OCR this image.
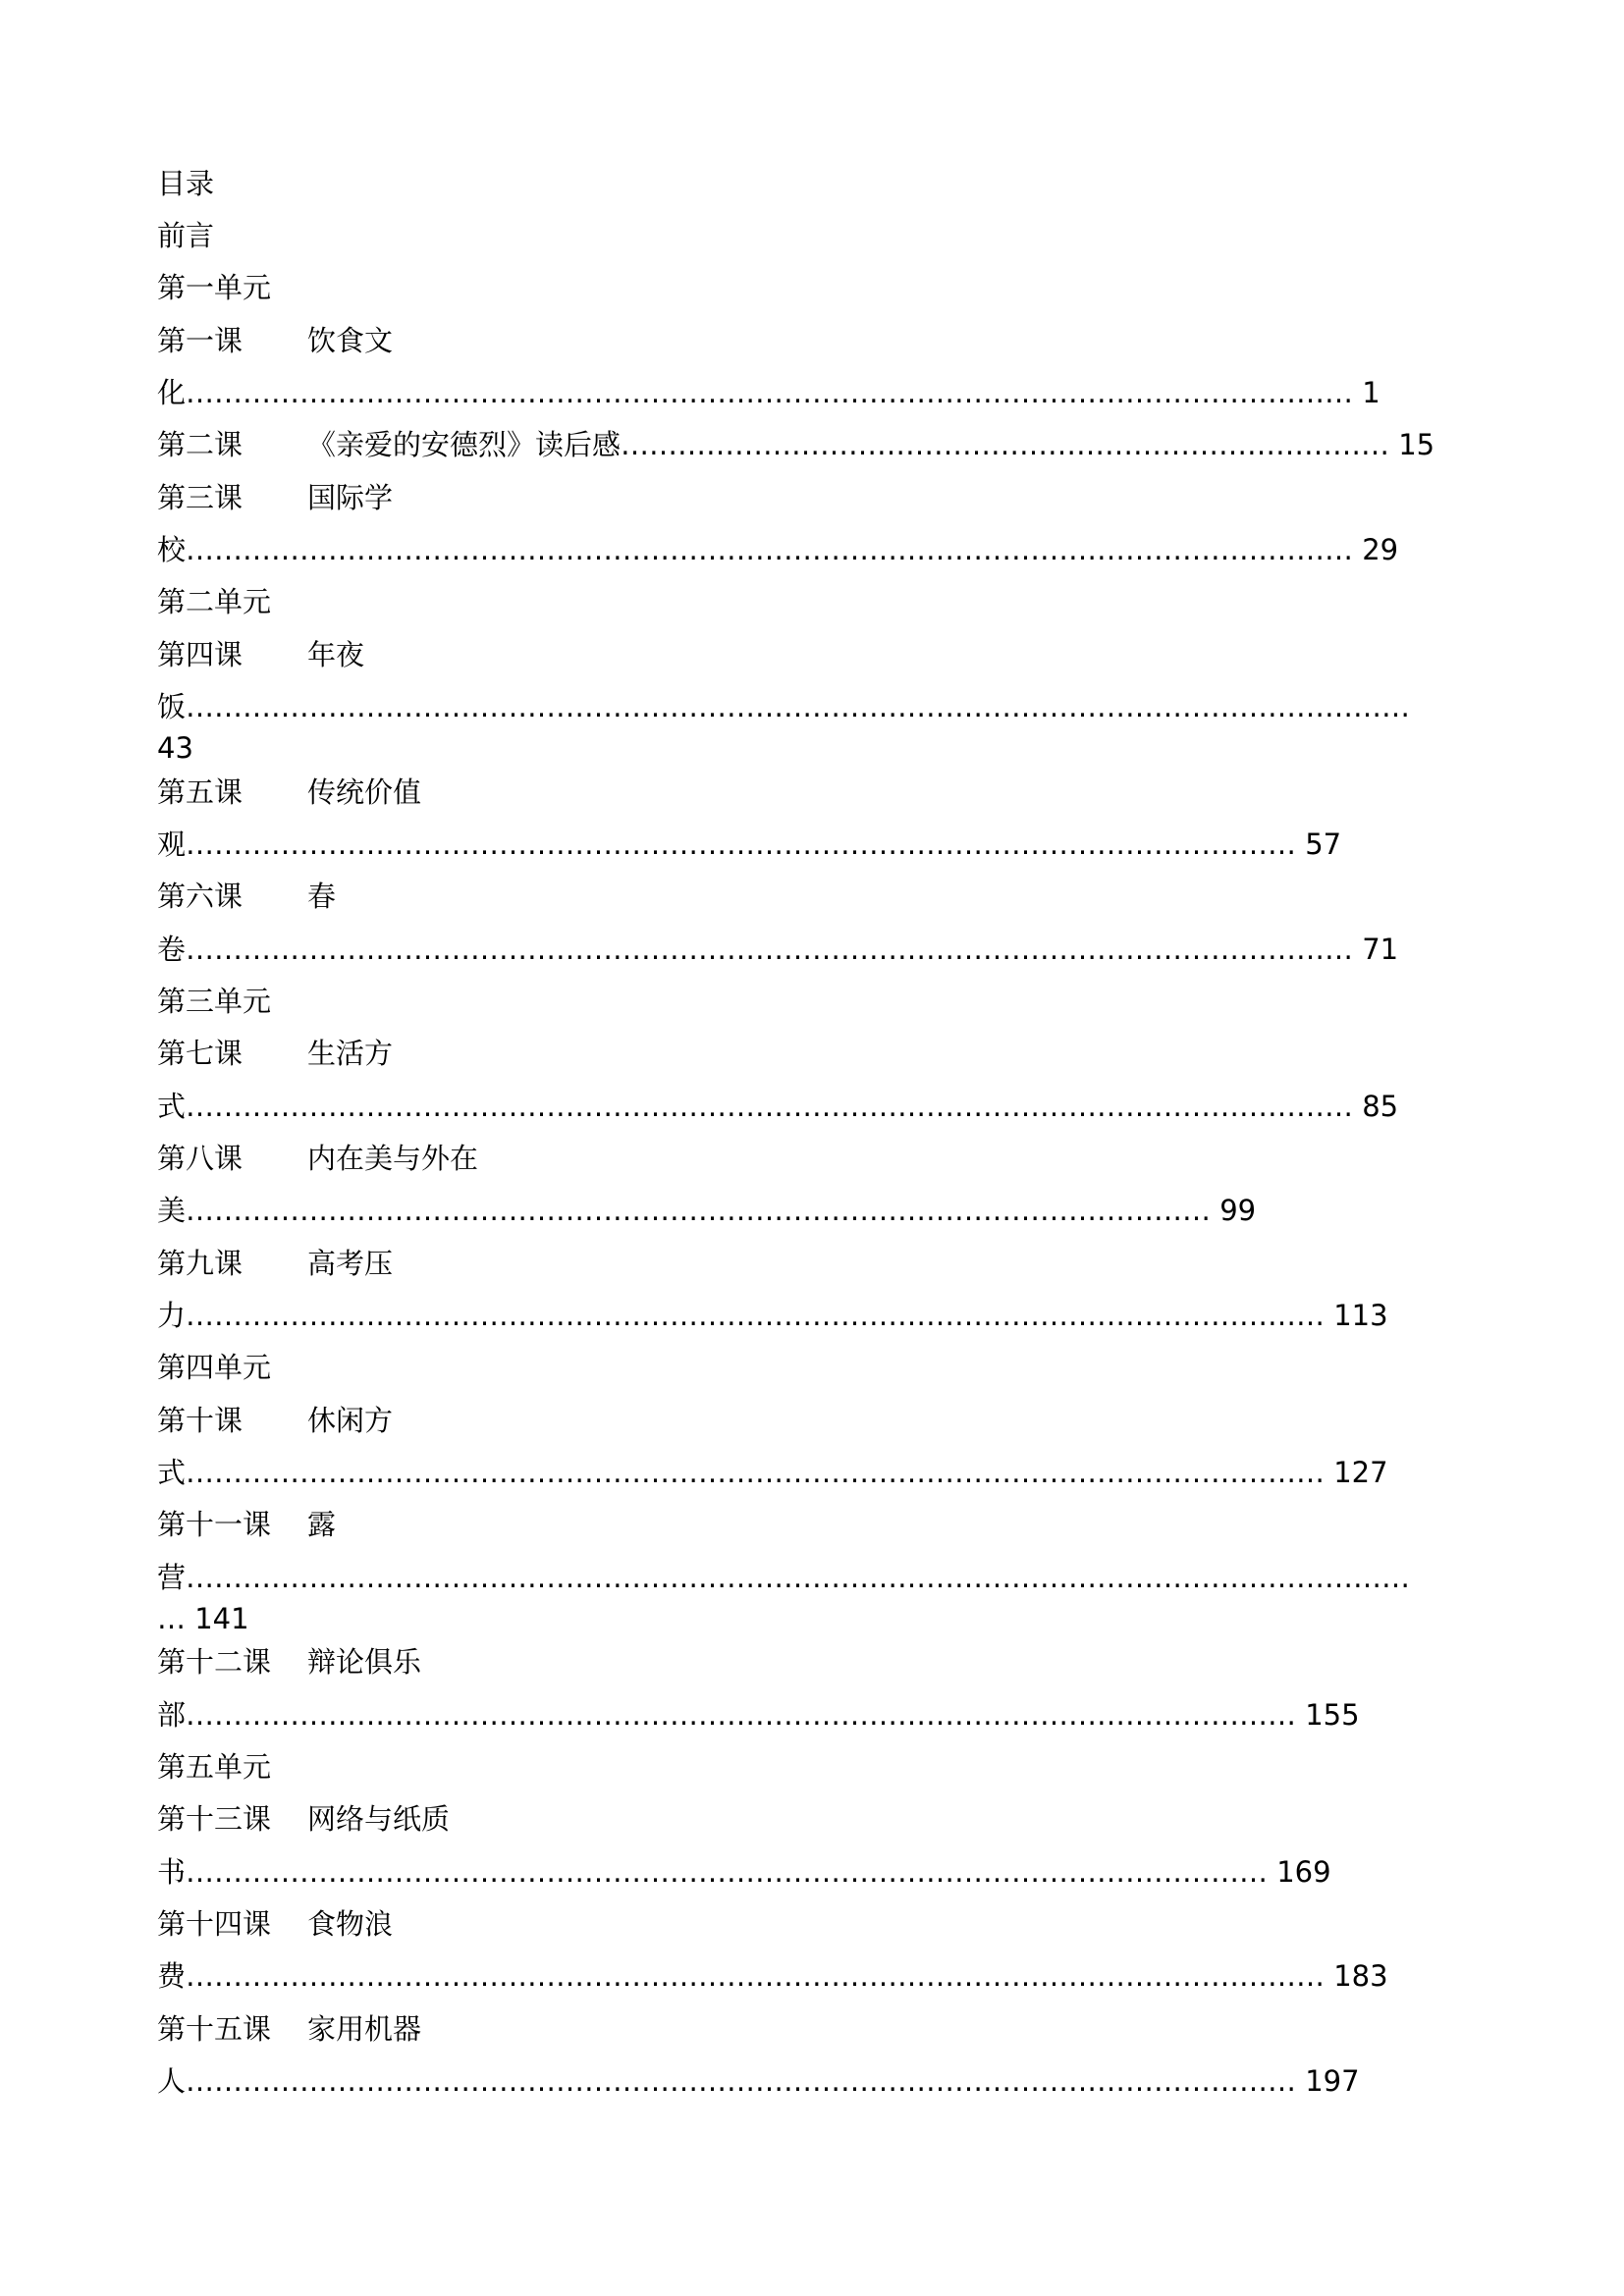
目录
前言
第一单元
第一课 饮食文
化…………………………………………………………………………………………………………… 1
第二课 《亲爱的安德烈》读后感……………………………………………………………………… 15
第三课 国际学
校…………………………………………………………………………………………………………… 29
第二单元
第四课 年夜
饭…………………………………………………………………………………………………………………
43
第五课 传统价值
观……………………………………………………………………………………………………… 57
第六课 春
卷…………………………………………………………………………………………………………… 71
第三单元
第七课 生活方
式…………………………………………………………………………………………………………… 85
第八课 内在美与外在
美……………………………………………………………………………………………… 99
第九课 高考压
力………………………………………………………………………………………………………… 113
第四单元
第十课 休闲方
式………………………………………………………………………………………………………… 127
第十一课 露
营…………………………………………………………………………………………………………………
… 141
第十二课 辩论俱乐
部……………………………………………………………………………………………………… 155
第五单元
第十三课 网络与纸质
书…………………………………………………………………………………………………… 169
第十四课 食物浪
费………………………………………………………………………………………………………… 183
第十五课 家用机器
人……………………………………………………………………………………………………… 197
